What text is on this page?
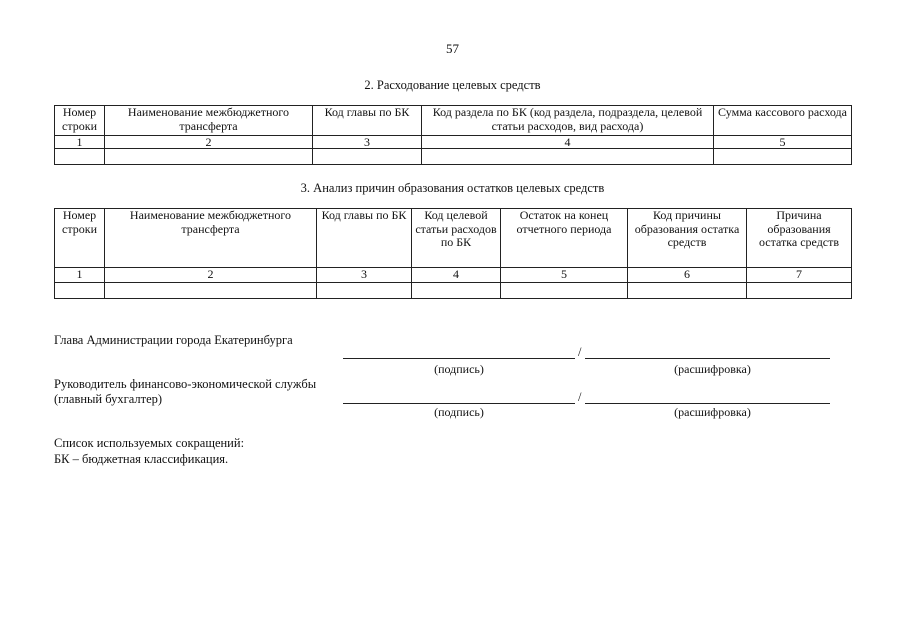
57
2. Расходование целевых средств
Номер строки	Наименование межбюджетного трансферта	Код главы по БК	Код раздела по БК (код раздела, подраздела, целевой статьи расходов, вид расхода)	Сумма кассового расхода
1	2	3	4	5

3. Анализ причин образования остатков целевых средств
Номер строки	Наименование межбюджетного трансферта	Код главы по БК	Код целевой статьи расходов по БК	Остаток на конец отчетного периода	Код причины образования остатка средств	Причина образования остатка средств
1	2	3	4	5	6	7

Глава Администрации города Екатеринбурга
/
(подпись)	(расшифровка)
Руководитель финансово-экономической службы
(главный бухгалтер)	/
(подпись)	(расшифровка)
Список используемых сокращений:
БК – бюджетная классификация.
